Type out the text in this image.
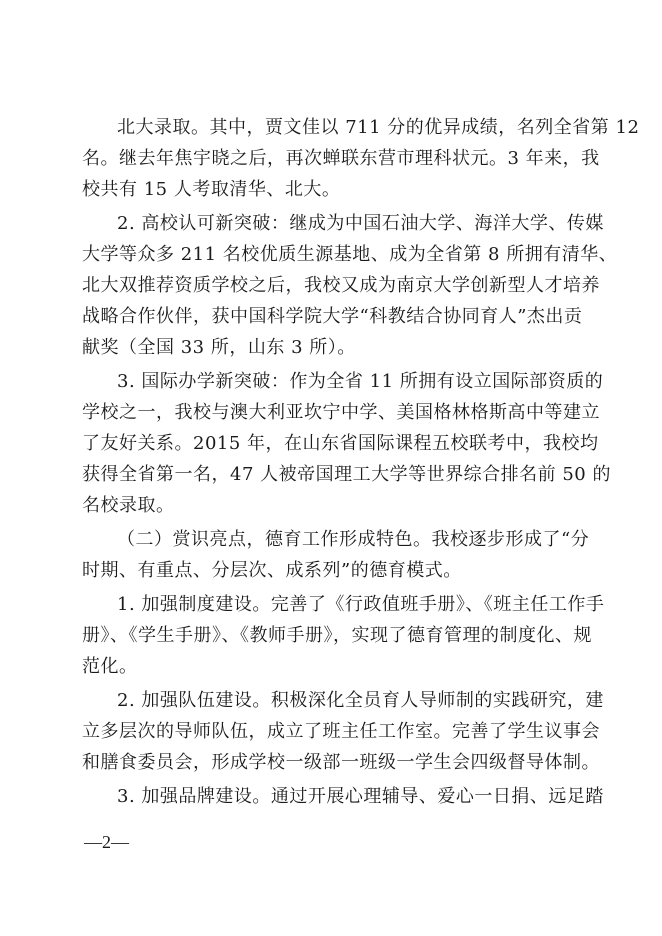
北大录取。其中，贾文佳以 711 分的优异成绩，名列全省第 12
名。继去年焦宇晓之后，再次蝉联东营市理科状元。3 年来，我
校共有 15 人考取清华、北大。
2. 高校认可新突破：继成为中国石油大学、海洋大学、传媒
大学等众多 211 名校优质生源基地、成为全省第 8 所拥有清华、
北大双推荐资质学校之后，我校又成为南京大学创新型人才培养
战略合作伙伴，获中国科学院大学“科教结合协同育人”杰出贡
献奖（全国 33 所，山东 3 所）。
3. 国际办学新突破：作为全省 11 所拥有设立国际部资质的
学校之一，我校与澳大利亚坎宁中学、美国格林格斯高中等建立
了友好关系。2015 年，在山东省国际课程五校联考中，我校均
获得全省第一名，47 人被帝国理工大学等世界综合排名前 50 的
名校录取。
（二）赏识亮点，德育工作形成特色。我校逐步形成了“分
时期、有重点、分层次、成系列”的德育模式。
1. 加强制度建设。完善了《行政值班手册》、《班主任工作手
册》、《学生手册》、《教师手册》，实现了德育管理的制度化、规
范化。
2. 加强队伍建设。积极深化全员育人导师制的实践研究，建
立多层次的导师队伍，成立了班主任工作室。完善了学生议事会
和膳食委员会，形成学校一级部一班级一学生会四级督导体制。
3. 加强品牌建设。通过开展心理辅导、爱心一日捐、远足踏
—2—
